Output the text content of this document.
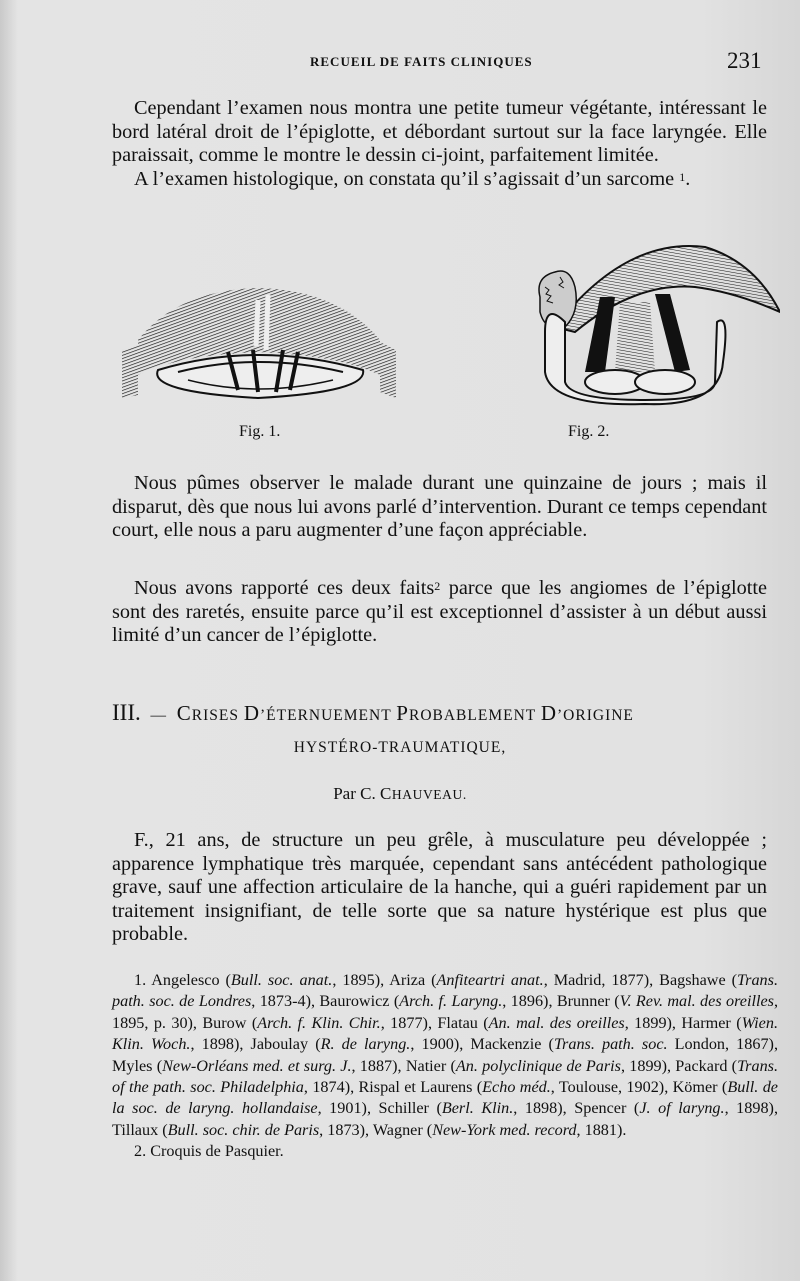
RECUEIL DE FAITS CLINIQUES	231

Cependant l’examen nous montra une petite tumeur végétante, intéressant le bord latéral droit de l’épiglotte, et débordant surtout sur la face laryngée. Elle paraissait, comme le montre le dessin ci-joint, parfaitement limitée.
A l’examen histologique, on constata qu’il s’agissait d’un sarcome $^1$.

Fig. 1.	Fig. 2.

Nous pûmes observer le malade durant une quinzaine de jours ; mais il disparut, dès que nous lui avons parlé d’intervention. Durant ce temps cependant court, elle nous a paru augmenter d’une façon appréciable.

Nous avons rapporté ces deux faits$^2$ parce que les angiomes de l’épiglotte sont des raretés, ensuite parce qu’il est exceptionnel d’assister à un début aussi limité d’un cancer de l’épiglotte.

III. — CRISES D’ÉTERNUEMENT PROBABLEMENT D’ORIGINE
HYSTÉRO-TRAUMATIQUE,
Par C. CHAUVEAU.

F., 21 ans, de structure un peu grêle, à musculature peu développée ; apparence lymphatique très marquée, cependant sans antécédent pathologique grave, sauf une affection articulaire de la hanche, qui a guéri rapidement par un traitement insignifiant, de telle sorte que sa nature hystérique est plus que probable.

1. Angelesco (Bull. soc. anat., 1895), Ariza (Anfiteartri anat., Madrid, 1877), Bagshawe (Trans. path. soc. de Londres, 1873-4), Baurowicz (Arch. f. Laryng., 1896), Brunner (V. Rev. mal. des oreilles, 1895, p. 30), Burow (Arch. f. Klin. Chir., 1877), Flatau (An. mal. des oreilles, 1899), Harmer (Wien. Klin. Woch., 1898), Jaboulay (R. de laryng., 1900), Mackenzie (Trans. path. soc. London, 1867), Myles (New-Orléans med. et surg. J., 1887), Natier (An. polyclinique de Paris, 1899), Packard (Trans. of the path. soc. Philadelphia, 1874), Rispal et Laurens (Echo méd., Toulouse, 1902), Kömer (Bull. de la soc. de laryng. hollandaise, 1901), Schiller (Berl. Klin., 1898), Spencer (J. of laryng., 1898), Tillaux (Bull. soc. chir. de Paris, 1873), Wagner (New-York med. record, 1881).

2. Croquis de Pasquier.
